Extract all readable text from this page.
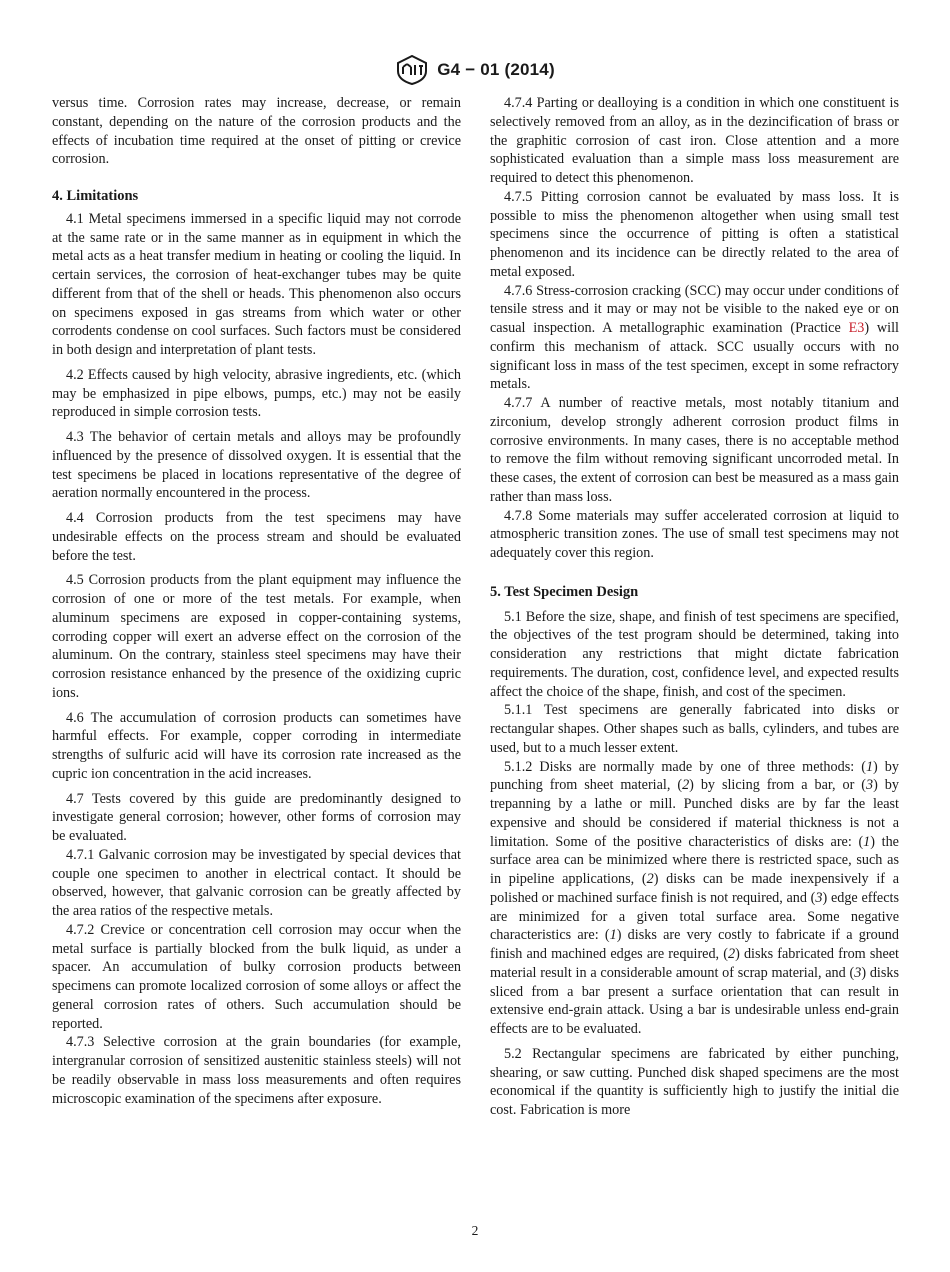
G4 − 01 (2014)

versus time. Corrosion rates may increase, decrease, or remain constant, depending on the nature of the corrosion products and the effects of incubation time required at the onset of pitting or crevice corrosion.

4. Limitations

4.1 Metal specimens immersed in a specific liquid may not corrode at the same rate or in the same manner as in equipment in which the metal acts as a heat transfer medium in heating or cooling the liquid. In certain services, the corrosion of heat-exchanger tubes may be quite different from that of the shell or heads. This phenomenon also occurs on specimens exposed in gas streams from which water or other corrodents condense on cool surfaces. Such factors must be considered in both design and interpretation of plant tests.

4.2 Effects caused by high velocity, abrasive ingredients, etc. (which may be emphasized in pipe elbows, pumps, etc.) may not be easily reproduced in simple corrosion tests.

4.3 The behavior of certain metals and alloys may be profoundly influenced by the presence of dissolved oxygen. It is essential that the test specimens be placed in locations representative of the degree of aeration normally encountered in the process.

4.4 Corrosion products from the test specimens may have undesirable effects on the process stream and should be evaluated before the test.

4.5 Corrosion products from the plant equipment may influence the corrosion of one or more of the test metals. For example, when aluminum specimens are exposed in copper-containing systems, corroding copper will exert an adverse effect on the corrosion of the aluminum. On the contrary, stainless steel specimens may have their corrosion resistance enhanced by the presence of the oxidizing cupric ions.

4.6 The accumulation of corrosion products can sometimes have harmful effects. For example, copper corroding in intermediate strengths of sulfuric acid will have its corrosion rate increased as the cupric ion concentration in the acid increases.

4.7 Tests covered by this guide are predominantly designed to investigate general corrosion; however, other forms of corrosion may be evaluated.

4.7.1 Galvanic corrosion may be investigated by special devices that couple one specimen to another in electrical contact. It should be observed, however, that galvanic corrosion can be greatly affected by the area ratios of the respective metals.

4.7.2 Crevice or concentration cell corrosion may occur when the metal surface is partially blocked from the bulk liquid, as under a spacer. An accumulation of bulky corrosion products between specimens can promote localized corrosion of some alloys or affect the general corrosion rates of others. Such accumulation should be reported.

4.7.3 Selective corrosion at the grain boundaries (for example, intergranular corrosion of sensitized austenitic stainless steels) will not be readily observable in mass loss measurements and often requires microscopic examination of the specimens after exposure.

4.7.4 Parting or dealloying is a condition in which one constituent is selectively removed from an alloy, as in the dezincification of brass or the graphitic corrosion of cast iron. Close attention and a more sophisticated evaluation than a simple mass loss measurement are required to detect this phenomenon.

4.7.5 Pitting corrosion cannot be evaluated by mass loss. It is possible to miss the phenomenon altogether when using small test specimens since the occurrence of pitting is often a statistical phenomenon and its incidence can be directly related to the area of metal exposed.

4.7.6 Stress-corrosion cracking (SCC) may occur under conditions of tensile stress and it may or may not be visible to the naked eye or on casual inspection. A metallographic examination (Practice E3) will confirm this mechanism of attack. SCC usually occurs with no significant loss in mass of the test specimen, except in some refractory metals.

4.7.7 A number of reactive metals, most notably titanium and zirconium, develop strongly adherent corrosion product films in corrosive environments. In many cases, there is no acceptable method to remove the film without removing significant uncorroded metal. In these cases, the extent of corrosion can best be measured as a mass gain rather than mass loss.

4.7.8 Some materials may suffer accelerated corrosion at liquid to atmospheric transition zones. The use of small test specimens may not adequately cover this region.

5. Test Specimen Design

5.1 Before the size, shape, and finish of test specimens are specified, the objectives of the test program should be determined, taking into consideration any restrictions that might dictate fabrication requirements. The duration, cost, confidence level, and expected results affect the choice of the shape, finish, and cost of the specimen.

5.1.1 Test specimens are generally fabricated into disks or rectangular shapes. Other shapes such as balls, cylinders, and tubes are used, but to a much lesser extent.

5.1.2 Disks are normally made by one of three methods: (1) by punching from sheet material, (2) by slicing from a bar, or (3) by trepanning by a lathe or mill. Punched disks are by far the least expensive and should be considered if material thickness is not a limitation. Some of the positive characteristics of disks are: (1) the surface area can be minimized where there is restricted space, such as in pipeline applications, (2) disks can be made inexpensively if a polished or machined surface finish is not required, and (3) edge effects are minimized for a given total surface area. Some negative characteristics are: (1) disks are very costly to fabricate if a ground finish and machined edges are required, (2) disks fabricated from sheet material result in a considerable amount of scrap material, and (3) disks sliced from a bar present a surface orientation that can result in extensive end-grain attack. Using a bar is undesirable unless end-grain effects are to be evaluated.

5.2 Rectangular specimens are fabricated by either punching, shearing, or saw cutting. Punched disk shaped specimens are the most economical if the quantity is sufficiently high to justify the initial die cost. Fabrication is more

2
